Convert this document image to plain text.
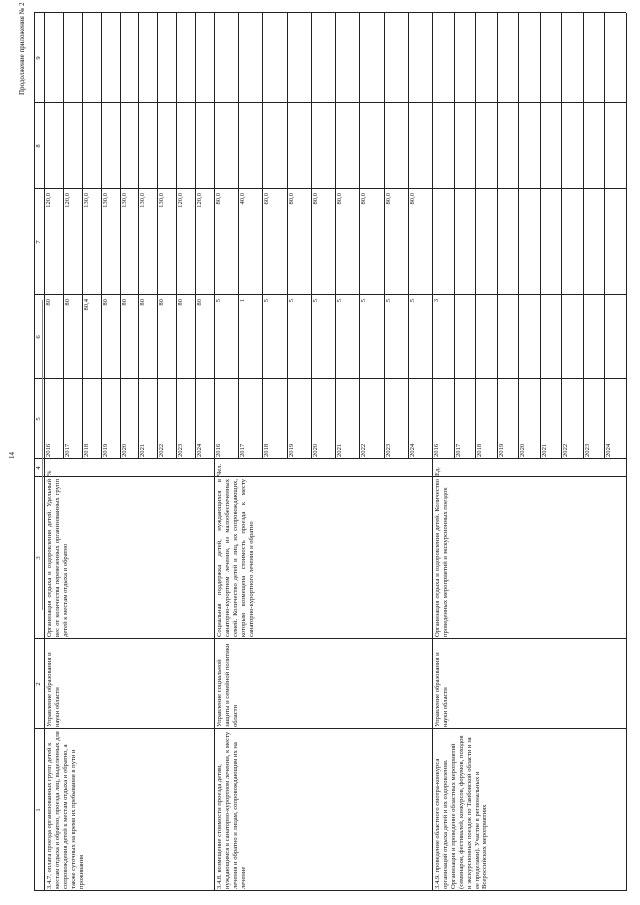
14
Продолжение приложения № 2
1
2
3
4
5
6
7
8
9
3.4.7. оплата проезда организованных групп детей к местам отдыха и обратно, проезда лиц, выделенных для сопровождения детей к местам отдыха и обратно, а также суточных на время их пребывания в пути и проживания
Управление образования и науки области
Организация отдыха и оздоровления детей. Удельный вес от количества перевезенных организованных групп детей к местам отдыха и обратно
%
2016
80
120,0
2017
80
120,0
2018
80,4
130,0
2019
80
130,0
2020
80
130,0
2021
80
130,0
2022
80
130,0
2023
80
120,0
2024
80
120,0
3.4.8. возмещение стоимости проезда детям, нуждающимся в санаторно-курортном лечении, к месту лечения и обратно и лицам, сопровождающим их на лечение
Управление социальной защиты и семейной политики области
Социальная поддержка детей, нуждающихся в санаторно-курортном лечении, из малообеспеченных семей. Количество детей и лиц, их сопровождающих, которым возмещена стоимость проезда к месту санаторно-курортного лечения и обратно
Чел.
2016
5
80,0
2017
1
40,0
2018
5
60,0
2019
5
80,0
2020
5
80,0
2021
5
80,0
2022
5
80,0
2023
5
80,0
2024
5
80,0
3.4.9. проведение областного смотра-конкурса организаций отдыха детей и их оздоровления. Организация и проведение областных мероприятий (семинаров, фестивалей, конкурсов, форумов, походов и экскурсионных поездок по Тамбовской области и за ее пределами). Участие в региональных и Всероссийских мероприятиях
Управление образования и науки области
Организация отдыха и оздоровления детей. Количество проведенных мероприятий и экскурсионных поездок
Ед.
2016
3
2017 2018 2019 2020 2021 2022 2023 2024
